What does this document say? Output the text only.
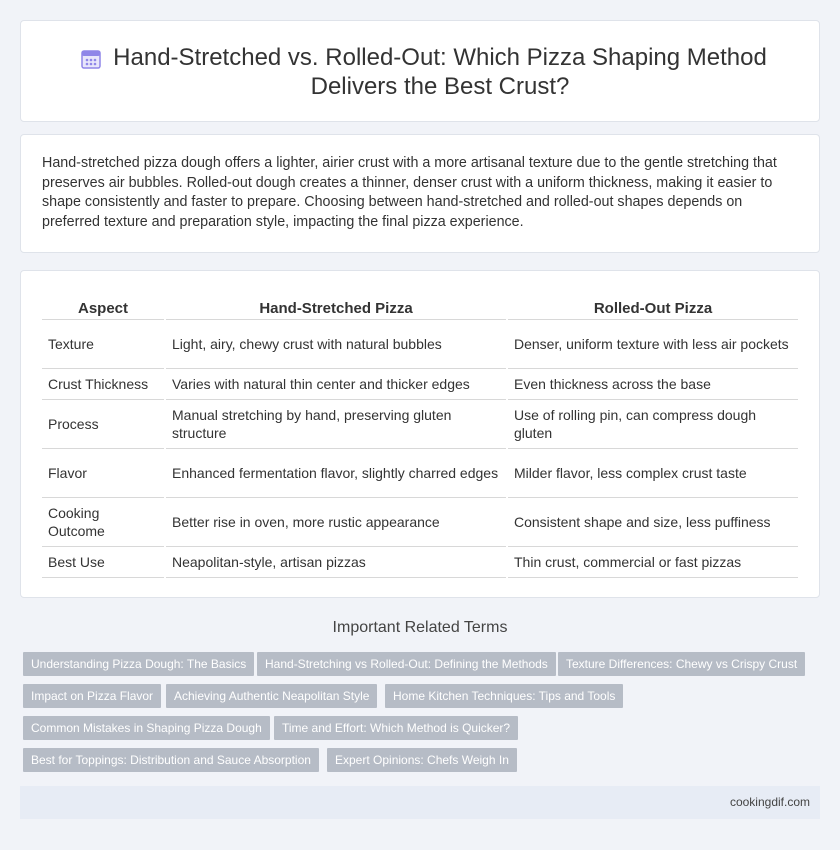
Hand-Stretched vs. Rolled-Out: Which Pizza Shaping Method Delivers the Best Crust?

Hand-stretched pizza dough offers a lighter, airier crust with a more artisanal texture due to the gentle stretching that preserves air bubbles. Rolled-out dough creates a thinner, denser crust with a uniform thickness, making it easier to shape consistently and faster to prepare. Choosing between hand-stretched and rolled-out shapes depends on preferred texture and preparation style, impacting the final pizza experience.

Aspect	Hand-Stretched Pizza	Rolled-Out Pizza
Texture	Light, airy, chewy crust with natural bubbles	Denser, uniform texture with less air pockets
Crust Thickness	Varies with natural thin center and thicker edges	Even thickness across the base
Process	Manual stretching by hand, preserving gluten structure	Use of rolling pin, can compress dough gluten
Flavor	Enhanced fermentation flavor, slightly charred edges	Milder flavor, less complex crust taste
Cooking Outcome	Better rise in oven, more rustic appearance	Consistent shape and size, less puffiness
Best Use	Neapolitan-style, artisan pizzas	Thin crust, commercial or fast pizzas
Important Related Terms
Understanding Pizza Dough: The Basics	Hand-Stretching vs Rolled-Out: Defining the Methods	Texture Differences: Chewy vs Crispy Crust
Impact on Pizza Flavor	Achieving Authentic Neapolitan Style	Home Kitchen Techniques: Tips and Tools
Common Mistakes in Shaping Pizza Dough	Time and Effort: Which Method is Quicker?
Best for Toppings: Distribution and Sauce Absorption	Expert Opinions: Chefs Weigh In
cookingdif.com
